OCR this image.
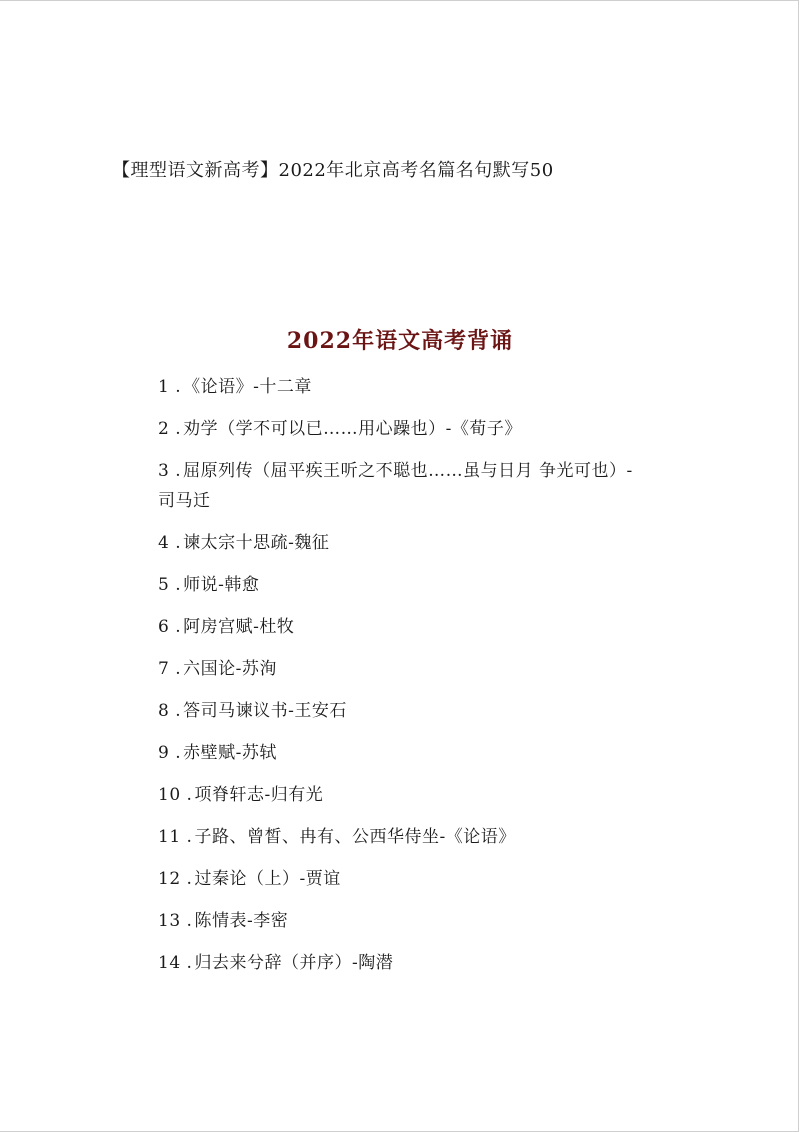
【理型语文新高考】2022年北京高考名篇名句默写50
2022年语文高考背诵
1 . 《论语》-十二章
2 . 劝学（学不可以已……用心躁也）-《荀子》
3 . 屈原列传（屈平疾王听之不聪也……虽与日月 争光可也）-司马迁
4 . 谏太宗十思疏-魏征
5 . 师说-韩愈
6 . 阿房宫赋-杜牧
7 . 六国论-苏洵
8 . 答司马谏议书-王安石
9 . 赤壁赋-苏轼
10 . 项脊轩志-归有光
11 . 子路、曾皙、冉有、公西华侍坐-《论语》
12 . 过秦论（上）-贾谊
13 . 陈情表-李密
14 . 归去来兮辞（并序）-陶潜
